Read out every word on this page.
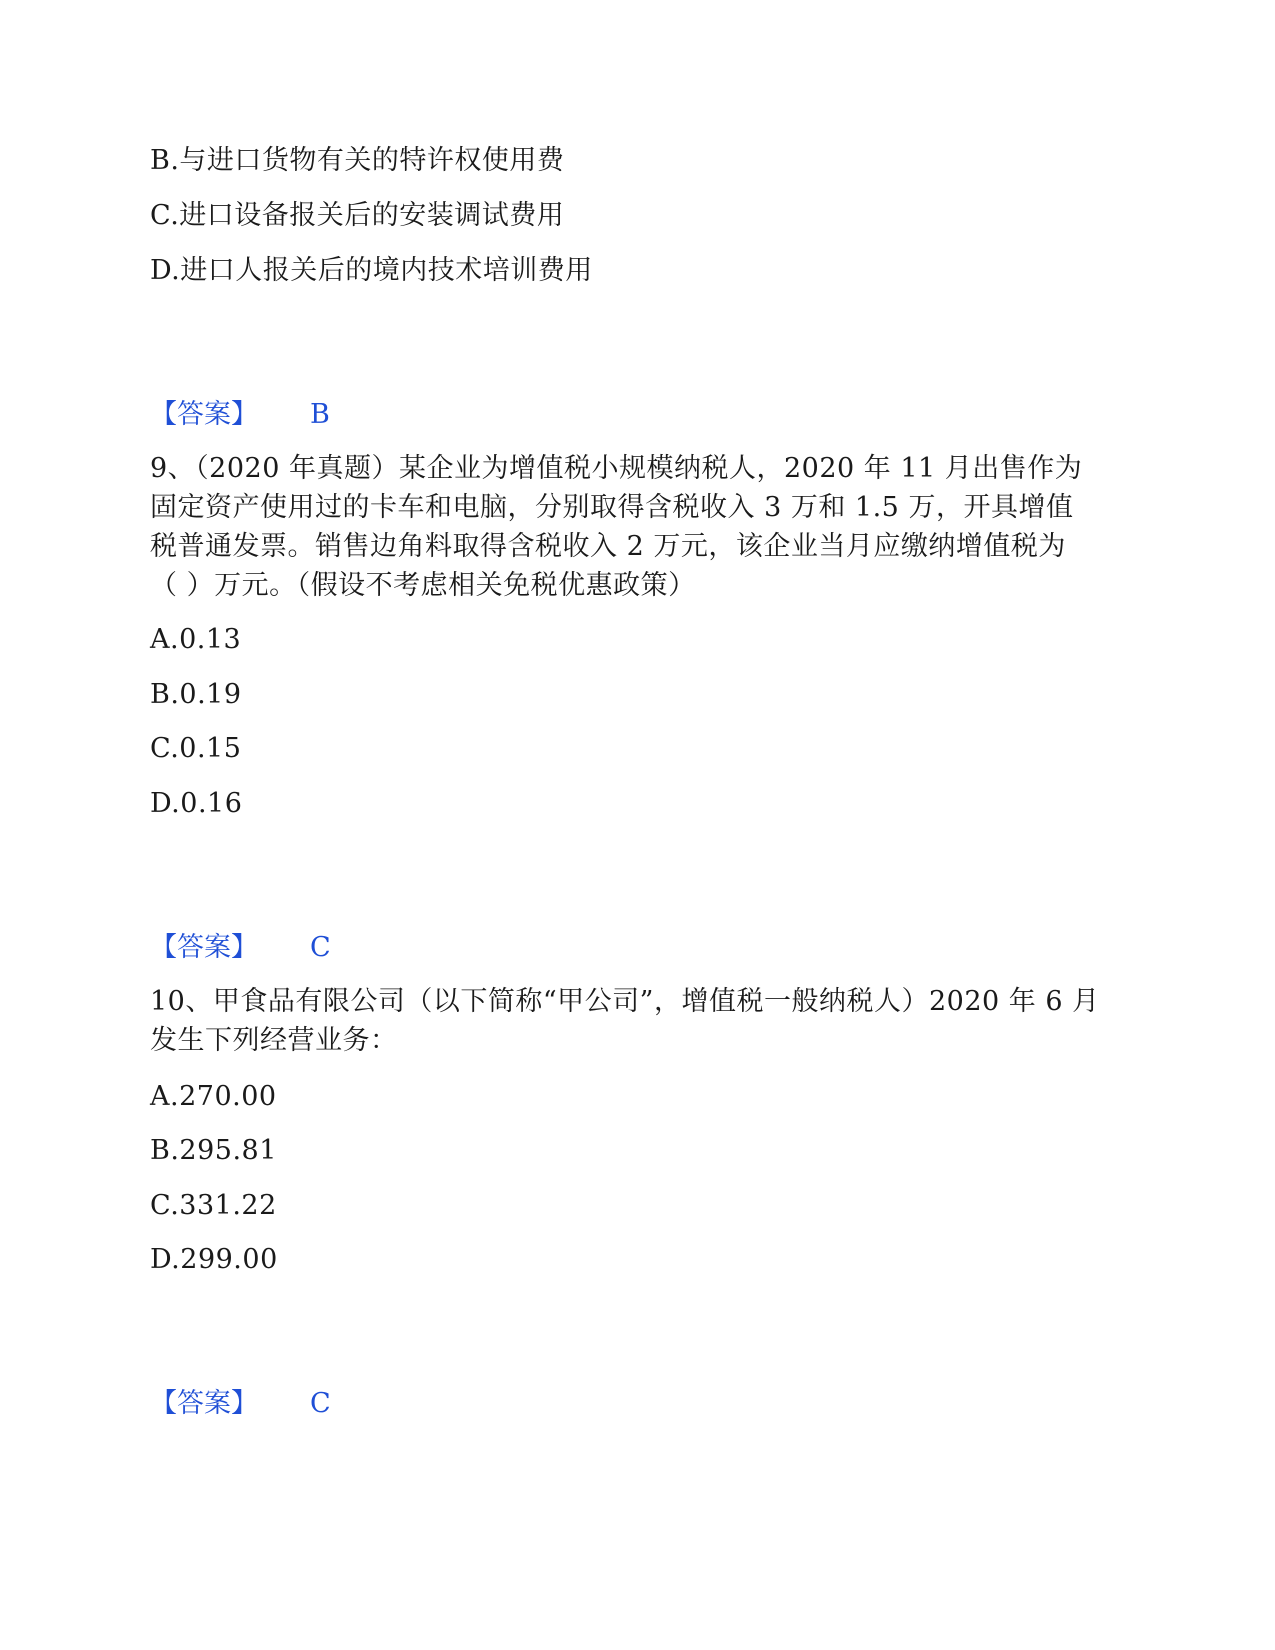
B.与进口货物有关的特许权使用费
C.进口设备报关后的安装调试费用
D.进口人报关后的境内技术培训费用
【答案】 B
9、（2020 年真题）某企业为增值税小规模纳税人，2020 年 11 月出售作为
固定资产使用过的卡车和电脑，分别取得含税收入 3 万和 1.5 万，开具增值
税普通发票。销售边角料取得含税收入 2 万元，该企业当月应缴纳增值税为
（ ）万元。（假设不考虑相关免税优惠政策）
A.0.13
B.0.19
C.0.15
D.0.16
【答案】 C
10、甲食品有限公司（以下简称“甲公司”，增值税一般纳税人）2020 年 6 月
发生下列经营业务：
A.270.00
B.295.81
C.331.22
D.299.00
【答案】 C
